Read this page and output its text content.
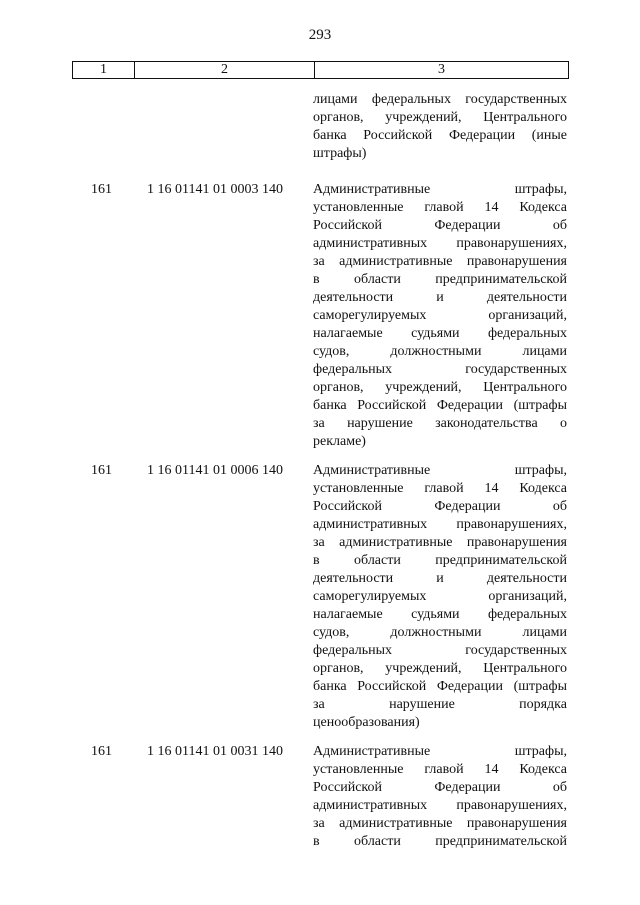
293
1	2	3
лицами федеральных государственных
органов, учреждений, Центрального
банка Российской Федерации (иные

штрафы)
161	1 16 01141 01 0003 140 Административные штрафы,
установленные главой 14 Кодекса
Российской Федерации об
административных правонарушениях,
за административные правонарушения
в области предпринимательской
деятельности и деятельности
саморегулируемых организаций,
налагаемые судьями федеральных
судов, должностными лицами
федеральных государственных
органов, учреждений, Центрального
банка Российской Федерации (штрафы
за нарушение законодательства о

рекламе)
161	1 16 01141 01 0006 140 Административные штрафы,
установленные главой 14 Кодекса
Российской Федерации об
административных правонарушениях,
за административные правонарушения
в области предпринимательской
деятельности и деятельности
саморегулируемых организаций,
налагаемые судьями федеральных
судов, должностными лицами
федеральных государственных
органов, учреждений, Центрального
банка Российской Федерации (штрафы
за нарушение порядка

ценообразования)
161	1 16 01141 01 0031 140 Административные штрафы,
установленные главой 14 Кодекса
Российской Федерации об
административных правонарушениях,
за административные правонарушения
в области предпринимательской
